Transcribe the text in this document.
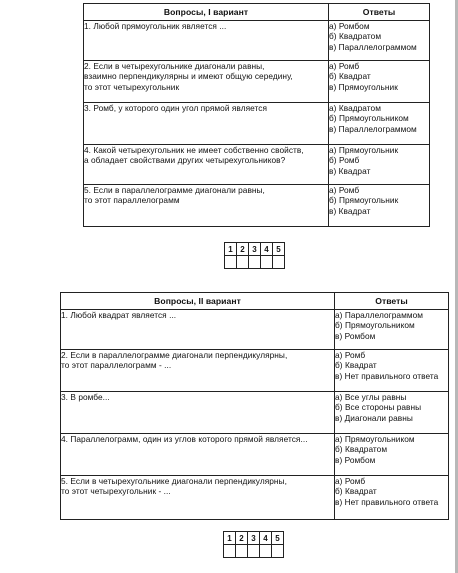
Вопросы, I вариант	Ответы

1. Любой прямоугольник является ...	а) Ромбом
б) Квадратом
в) Параллелограммом

2. Если в четырехугольнике диагонали равны,
взаимно перпендикулярны и имеют общую середину,
то этот четырехугольник	а) Ромб
б) Квадрат
в) Прямоугольник

3. Ромб, у которого один угол прямой является	а) Квадратом
б) Прямоугольником
в) Параллелограммом

4. Какой четырехугольник не имеет собственно свойств,
а обладает свойствами других четырехугольников?	а) Прямоугольник
б) Ромб
в) Квадрат

5. Если в параллелограмме диагонали равны,
то этот параллелограмм	а) Ромб
б) Прямоугольник
в) Квадрат
1	2	3	4	5

Вопросы, II вариант	Ответы

1. Любой квадрат является ...	а) Параллелограммом
б) Прямоугольником
в) Ромбом

2. Если в параллелограмме диагонали перпендикулярны,
то этот параллелограмм - ...	а) Ромб
б) Квадрат
в) Нет правильного ответа

3. В ромбе...	а) Все углы равны
б) Все стороны равны
в) Диагонали равны

4. Параллелограмм, один из углов которого прямой является...	а) Прямоугольником
б) Квадратом
в) Ромбом

5. Если в четырехугольнике диагонали перпендикулярны,
то этот четырехугольник - ...	а) Ромб
б) Квадрат
в) Нет правильного ответа
1	2	3	4	5
